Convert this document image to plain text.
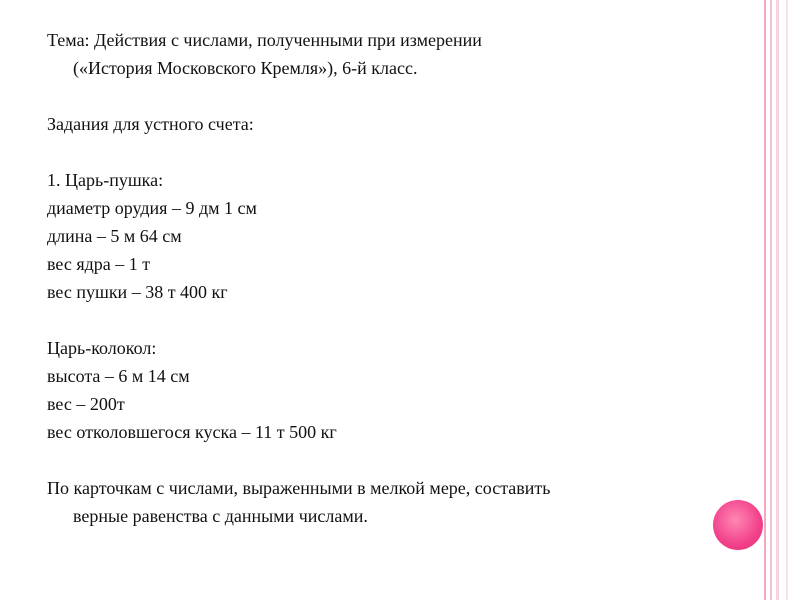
Тема: Действия с числами, полученными при измерении
(«История Московского Кремля»), 6-й класс.
Задания для устного счета:
1. Царь-пушка:
диаметр орудия – 9 дм 1 см
длина – 5 м 64 см
вес ядра – 1 т
вес пушки – 38 т 400 кг
Царь-колокол:
высота – 6 м 14 см
вес – 200т
вес отколовшегося куска – 11 т 500 кг
По карточкам с числами, выраженными в мелкой мере, составить
верные равенства с данными числами.
